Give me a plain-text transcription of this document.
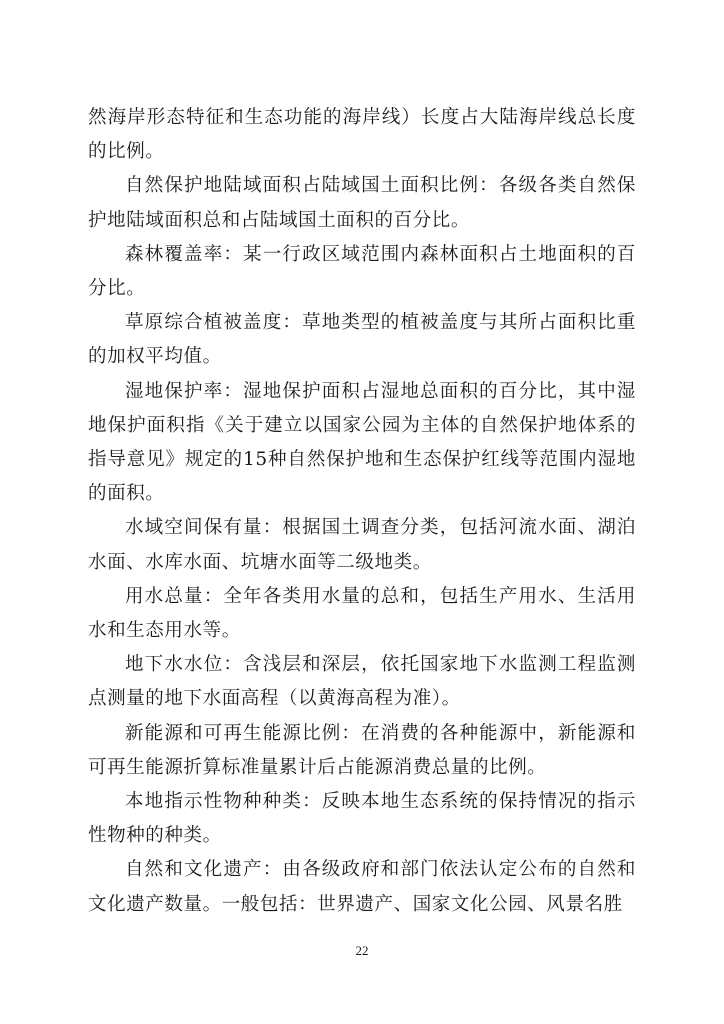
然海岸形态特征和生态功能的海岸线）长度占大陆海岸线总长度的比例。

自然保护地陆域面积占陆域国土面积比例：各级各类自然保护地陆域面积总和占陆域国土面积的百分比。

森林覆盖率：某一行政区域范围内森林面积占土地面积的百分比。

草原综合植被盖度：草地类型的植被盖度与其所占面积比重的加权平均值。

湿地保护率：湿地保护面积占湿地总面积的百分比，其中湿地保护面积指《关于建立以国家公园为主体的自然保护地体系的指导意见》规定的15种自然保护地和生态保护红线等范围内湿地的面积。

水域空间保有量：根据国土调查分类，包括河流水面、湖泊水面、水库水面、坑塘水面等二级地类。

用水总量：全年各类用水量的总和，包括生产用水、生活用水和生态用水等。

地下水水位：含浅层和深层，依托国家地下水监测工程监测点测量的地下水面高程（以黄海高程为准）。

新能源和可再生能源比例：在消费的各种能源中，新能源和可再生能源折算标准量累计后占能源消费总量的比例。

本地指示性物种种类：反映本地生态系统的保持情况的指示性物种的种类。

自然和文化遗产：由各级政府和部门依法认定公布的自然和文化遗产数量。一般包括：世界遗产、国家文化公园、风景名胜

22
